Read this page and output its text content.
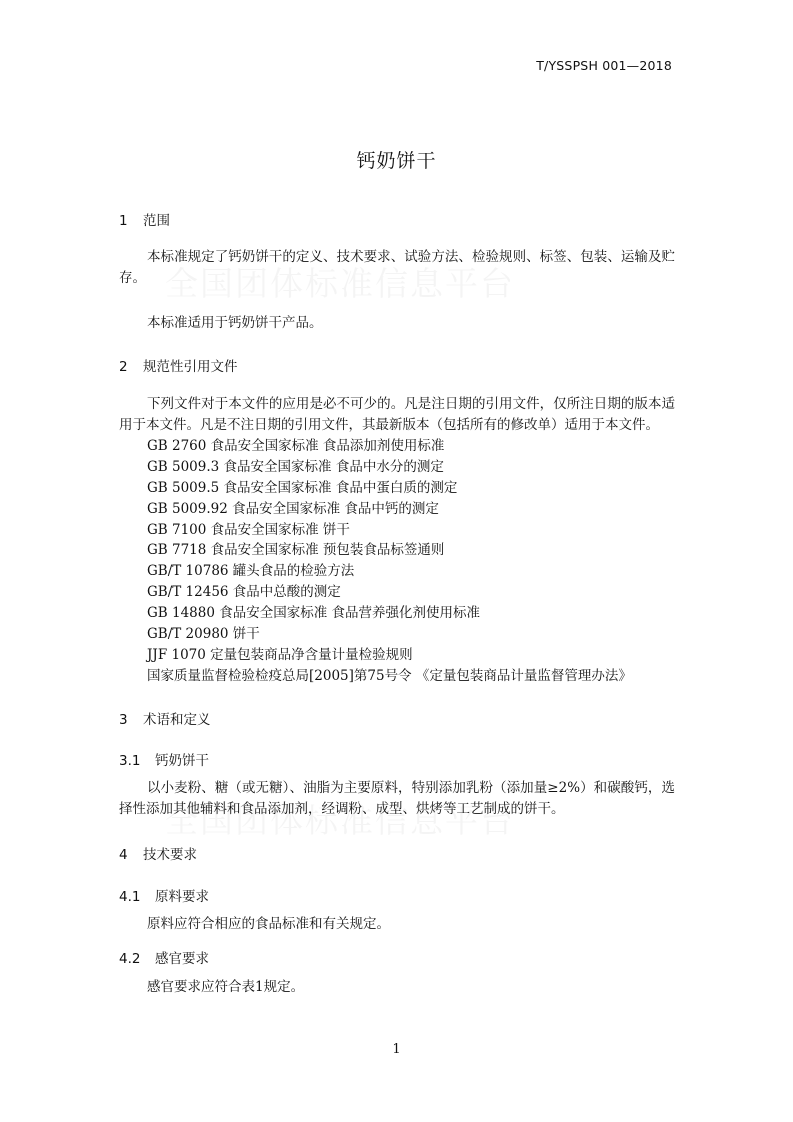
T/YSSPSH 001—2018
钙奶饼干
1 范围
本标准规定了钙奶饼干的定义、技术要求、试验方法、检验规则、标签、包装、运输及贮存。
本标准适用于钙奶饼干产品。
2 规范性引用文件
下列文件对于本文件的应用是必不可少的。凡是注日期的引用文件，仅所注日期的版本适用于本文件。凡是不注日期的引用文件，其最新版本（包括所有的修改单）适用于本文件。
GB 2760 食品安全国家标准 食品添加剂使用标准
GB 5009.3 食品安全国家标准 食品中水分的测定
GB 5009.5 食品安全国家标准 食品中蛋白质的测定
GB 5009.92 食品安全国家标准 食品中钙的测定
GB 7100 食品安全国家标准 饼干
GB 7718 食品安全国家标准 预包装食品标签通则
GB/T 10786 罐头食品的检验方法
GB/T 12456 食品中总酸的测定
GB 14880 食品安全国家标准 食品营养强化剂使用标准
GB/T 20980 饼干
JJF 1070 定量包装商品净含量计量检验规则
国家质量监督检验检疫总局[2005]第75号令 《定量包装商品计量监督管理办法》
3 术语和定义
3.1 钙奶饼干
以小麦粉、糖（或无糖）、油脂为主要原料，特别添加乳粉（添加量≥2%）和碳酸钙，选择性添加其他辅料和食品添加剂，经调粉、成型、烘烤等工艺制成的饼干。
4 技术要求
4.1 原料要求
原料应符合相应的食品标准和有关规定。
4.2 感官要求
感官要求应符合表1规定。
1
